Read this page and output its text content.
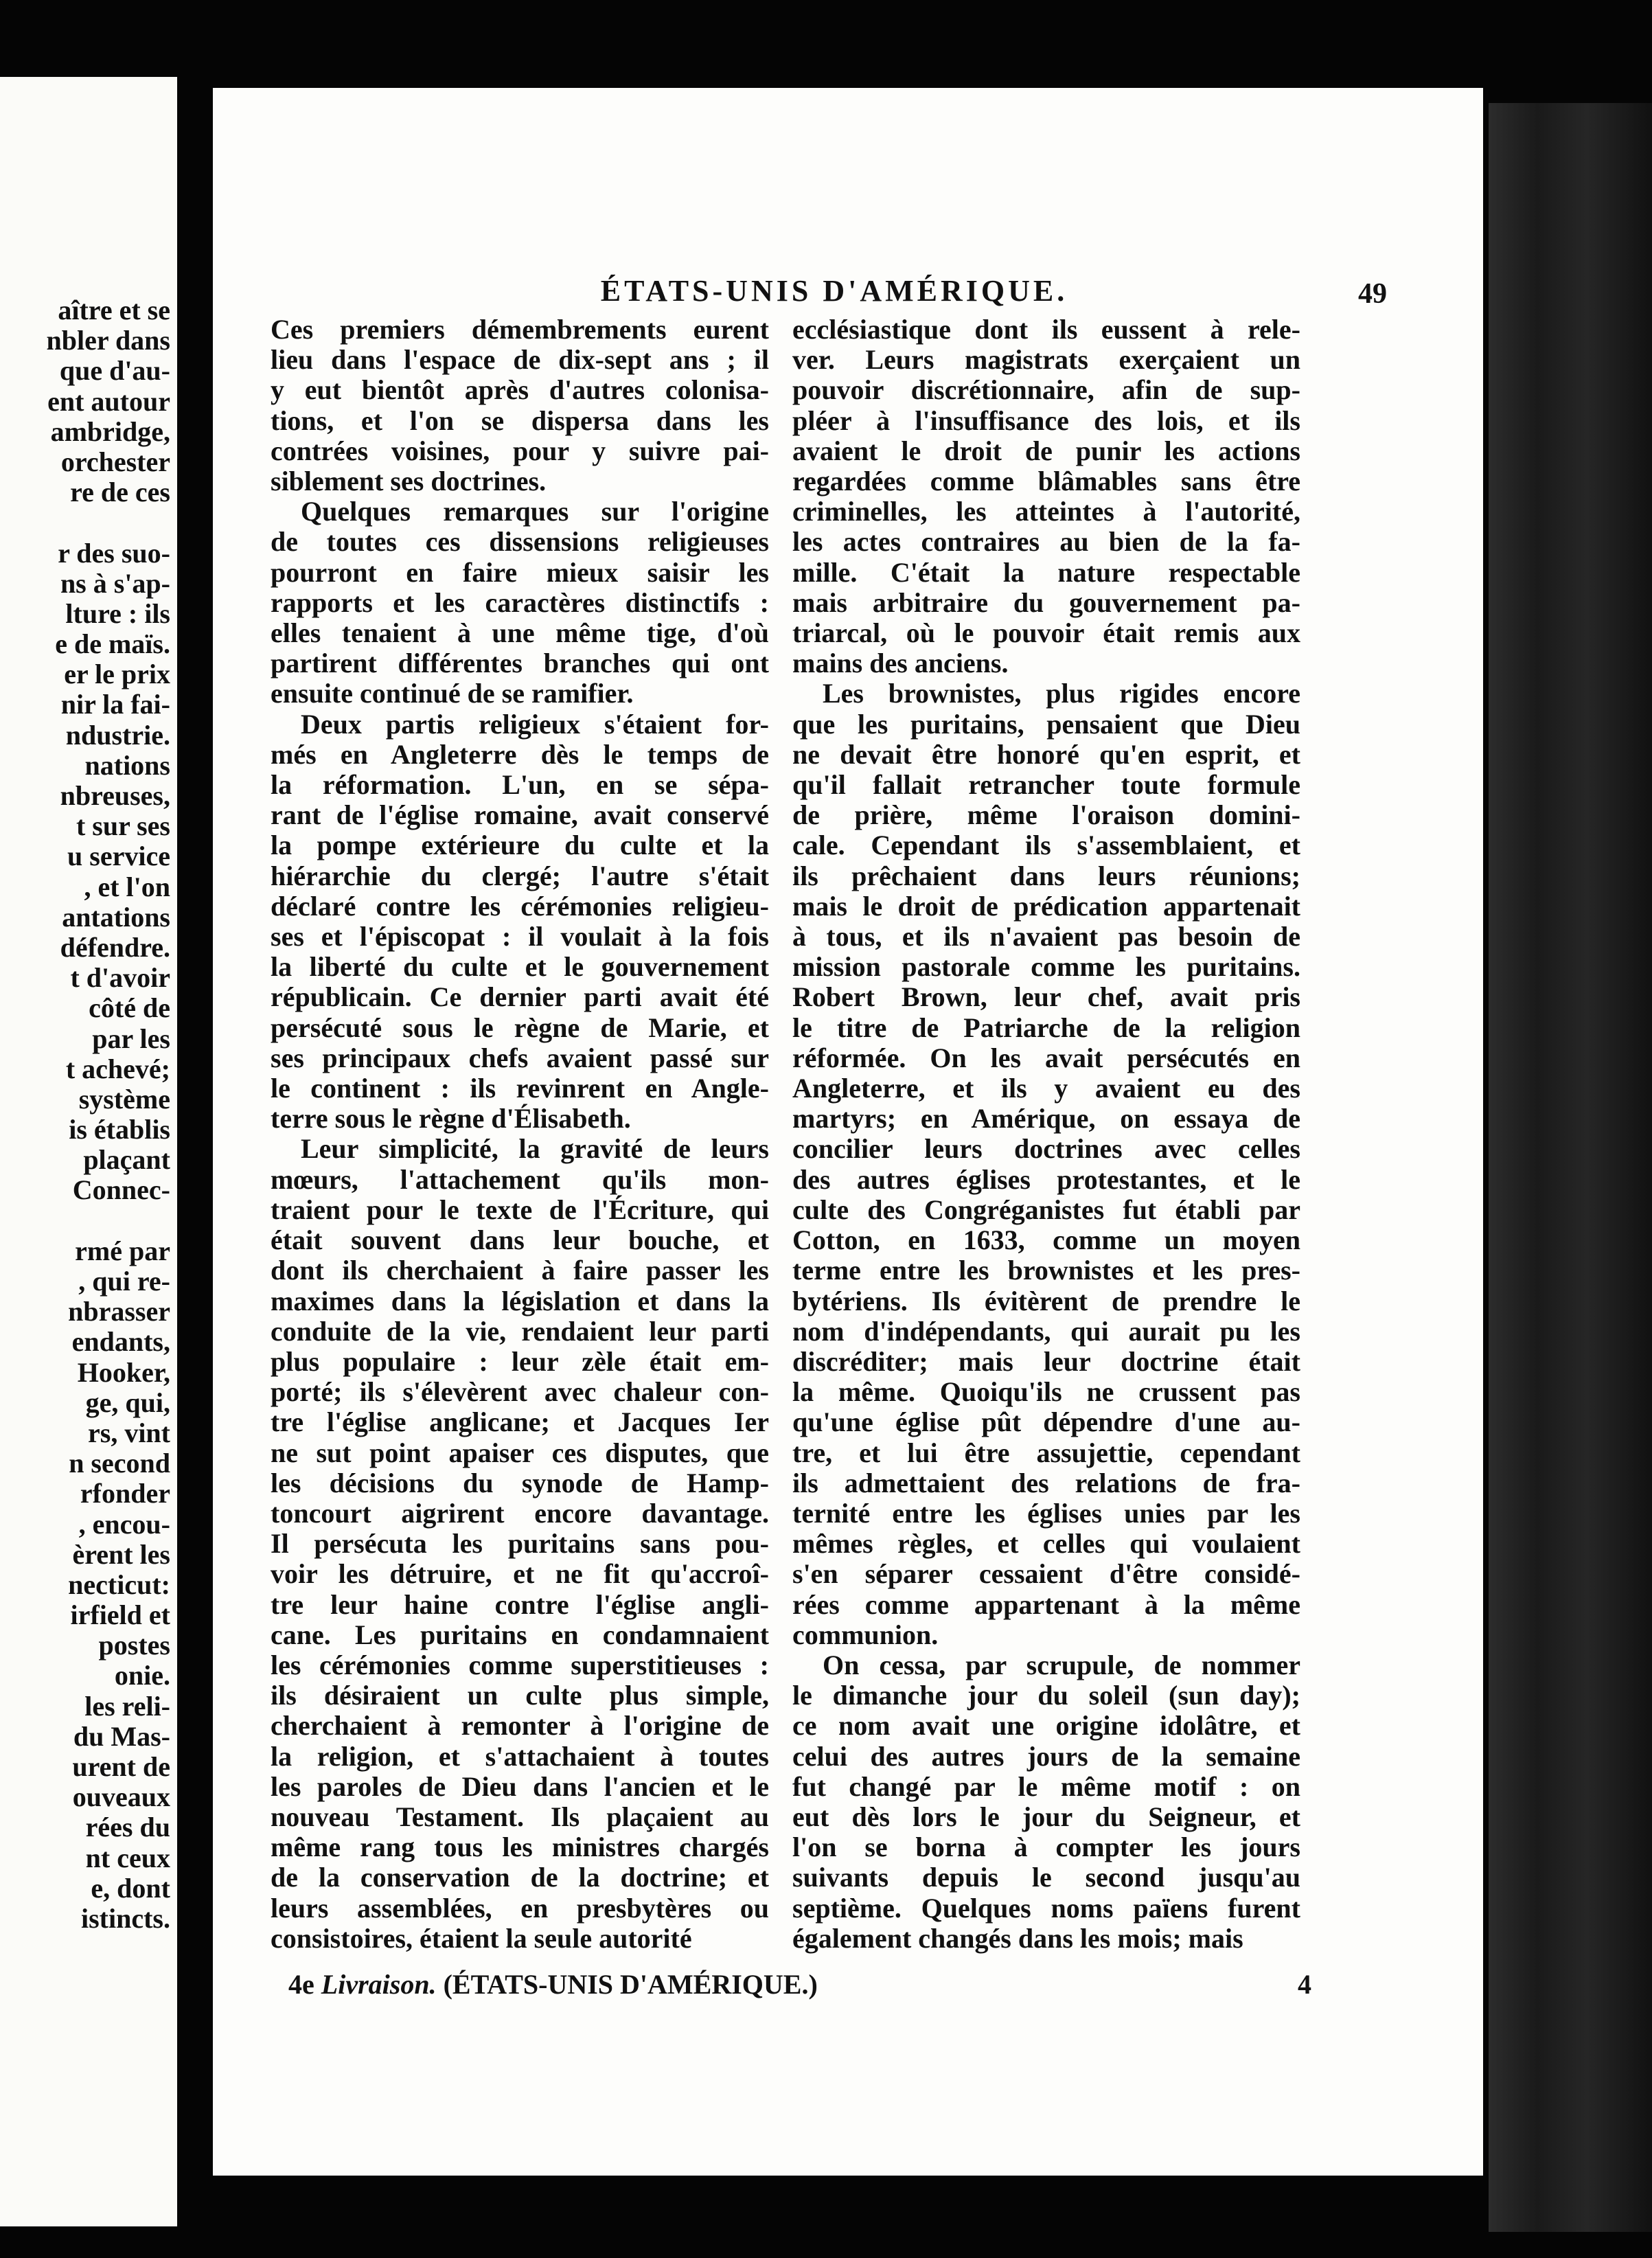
aître et se
nbler dans
que d'au-
ent autour
ambridge,
orchester
re de ces
r des suo-
ns à s'ap-
lture : ils
e de maïs.
er le prix
nir la fai-
ndustrie.
nations
nbreuses,
t sur ses
u service
, et l'on
antations
défendre.
t d'avoir
côté de
par les
t achevé;
système
is établis
plaçant
Connec-
rmé par
, qui re-
nbrasser
endants,
Hooker,
ge, qui,
rs, vint
n second
rfonder
, encou-
èrent les
necticut:
irfield et
postes
onie.
les reli-
du Mas-
urent de
ouveaux
rées du
nt ceux
e, dont
istincts.
ÉTATS-UNIS D'AMÉRIQUE.	49

Ces premiers démembrements eurent

lieu dans l'espace de dix-sept ans ; il

y eut bientôt après d'autres colonisa-

tions, et l'on se dispersa dans les

contrées voisines, pour y suivre pai-

siblement ses doctrines.

Quelques remarques sur l'origine

de toutes ces dissensions religieuses

pourront en faire mieux saisir les

rapports et les caractères distinctifs :

elles tenaient à une même tige, d'où

partirent différentes branches qui ont

ensuite continué de se ramifier.

Deux partis religieux s'étaient for-

més en Angleterre dès le temps de

la réformation. L'un, en se sépa-

rant de l'église romaine, avait conservé

la pompe extérieure du culte et la

hiérarchie du clergé; l'autre s'était

déclaré contre les cérémonies religieu-

ses et l'épiscopat : il voulait à la fois

la liberté du culte et le gouvernement

républicain. Ce dernier parti avait été

persécuté sous le règne de Marie, et

ses principaux chefs avaient passé sur

le continent : ils revinrent en Angle-

terre sous le règne d'Élisabeth.

Leur simplicité, la gravité de leurs

mœurs, l'attachement qu'ils mon-

traient pour le texte de l'Écriture, qui

était souvent dans leur bouche, et

dont ils cherchaient à faire passer les

maximes dans la législation et dans la

conduite de la vie, rendaient leur parti

plus populaire : leur zèle était em-

porté; ils s'élevèrent avec chaleur con-

tre l'église anglicane; et Jacques Ier

ne sut point apaiser ces disputes, que

les décisions du synode de Hamp-

toncourt aigrirent encore davantage.

Il persécuta les puritains sans pou-

voir les détruire, et ne fit qu'accroî-

tre leur haine contre l'église angli-

cane. Les puritains en condamnaient

les cérémonies comme superstitieuses :

ils désiraient un culte plus simple,

cherchaient à remonter à l'origine de

la religion, et s'attachaient à toutes

les paroles de Dieu dans l'ancien et le

nouveau Testament. Ils plaçaient au

même rang tous les ministres chargés

de la conservation de la doctrine; et

leurs assemblées, en presbytères ou

consistoires, étaient la seule autorité

ecclésiastique dont ils eussent à rele-

ver. Leurs magistrats exerçaient un

pouvoir discrétionnaire, afin de sup-

pléer à l'insuffisance des lois, et ils

avaient le droit de punir les actions

regardées comme blâmables sans être

criminelles, les atteintes à l'autorité,

les actes contraires au bien de la fa-

mille. C'était la nature respectable

mais arbitraire du gouvernement pa-

triarcal, où le pouvoir était remis aux

mains des anciens.

Les brownistes, plus rigides encore

que les puritains, pensaient que Dieu

ne devait être honoré qu'en esprit, et

qu'il fallait retrancher toute formule

de prière, même l'oraison domini-

cale. Cependant ils s'assemblaient, et

ils prêchaient dans leurs réunions;

mais le droit de prédication appartenait

à tous, et ils n'avaient pas besoin de

mission pastorale comme les puritains.

Robert Brown, leur chef, avait pris

le titre de Patriarche de la religion

réformée. On les avait persécutés en

Angleterre, et ils y avaient eu des

martyrs; en Amérique, on essaya de

concilier leurs doctrines avec celles

des autres églises protestantes, et le

culte des Congréganistes fut établi par

Cotton, en 1633, comme un moyen

terme entre les brownistes et les pres-

bytériens. Ils évitèrent de prendre le

nom d'indépendants, qui aurait pu les

discréditer; mais leur doctrine était

la même. Quoiqu'ils ne crussent pas

qu'une église pût dépendre d'une au-

tre, et lui être assujettie, cependant

ils admettaient des relations de fra-

ternité entre les églises unies par les

mêmes règles, et celles qui voulaient

s'en séparer cessaient d'être considé-

rées comme appartenant à la même

communion.

On cessa, par scrupule, de nommer

le dimanche jour du soleil (sun day);

ce nom avait une origine idolâtre, et

celui des autres jours de la semaine

fut changé par le même motif : on

eut dès lors le jour du Seigneur, et

l'on se borna à compter les jours

suivants depuis le second jusqu'au

septième. Quelques noms païens furent

également changés dans les mois; mais

4e Livraison. (ÉTATS-UNIS D'AMÉRIQUE.)	4
